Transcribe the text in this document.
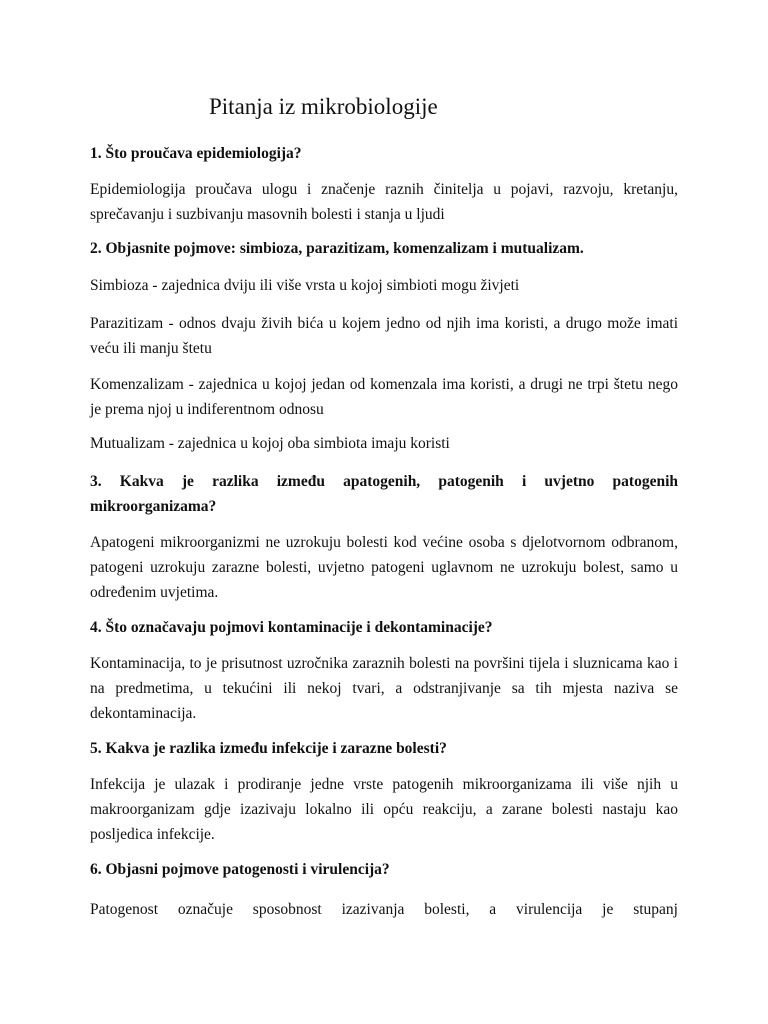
Pitanja iz mikrobiologije
1. Što proučava epidemiologija?
Epidemiologija proučava ulogu i značenje raznih činitelja u pojavi, razvoju, kretanju, sprečavanju i suzbivanju masovnih bolesti i stanja u ljudi
2. Objasnite pojmove: simbioza, parazitizam, komenzalizam i mutualizam.
Simbioza - zajednica dviju ili više vrsta u kojoj simbioti mogu živjeti
Parazitizam - odnos dvaju živih bića u kojem jedno od njih ima koristi, a drugo može imati veću ili manju štetu
Komenzalizam - zajednica u kojoj jedan od komenzala ima koristi, a drugi ne trpi štetu nego je prema njoj u indiferentnom odnosu
Mutualizam - zajednica u kojoj oba simbiota imaju koristi
3. Kakva je razlika između apatogenih, patogenih i uvjetno patogenih mikroorganizama?
Apatogeni mikroorganizmi ne uzrokuju bolesti kod većine osoba s djelotvornom odbranom, patogeni uzrokuju zarazne bolesti, uvjetno patogeni uglavnom ne uzrokuju bolest, samo u određenim uvjetima.
4. Što označavaju pojmovi kontaminacije i dekontaminacije?
Kontaminacija, to je prisutnost uzročnika zaraznih bolesti na površini tijela i sluznicama kao i na predmetima, u tekućini ili nekoj tvari, a odstranjivanje sa tih mjesta naziva se dekontaminacija.
5. Kakva je razlika između infekcije i zarazne bolesti?
Infekcija je ulazak i prodiranje jedne vrste patogenih mikroorganizama ili više njih u makroorganizam gdje izazivaju lokalno ili opću reakciju, a zarane bolesti nastaju kao posljedica infekcije.
6. Objasni pojmove patogenosti i virulencija?
Patogenost označuje sposobnost izazivanja bolesti, a virulencija je stupanj
